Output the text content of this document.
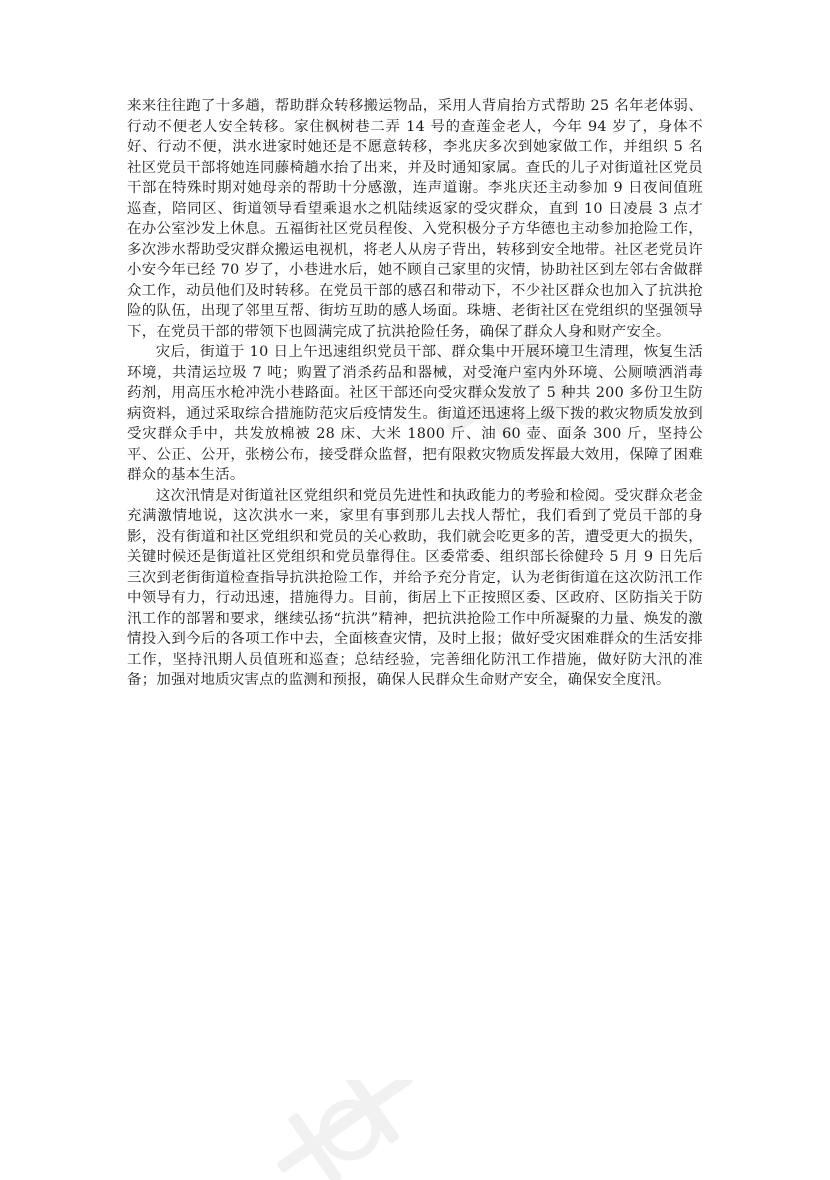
来来往往跑了十多趟，帮助群众转移搬运物品，采用人背肩抬方式帮助 25 名年老体弱、行动不便老人安全转移。家住枫树巷二弄 14 号的查莲金老人，今年 94 岁了，身体不好、行动不便，洪水进家时她还是不愿意转移，李兆庆多次到她家做工作，并组织 5 名社区党员干部将她连同藤椅趟水抬了出来，并及时通知家属。查氏的儿子对街道社区党员干部在特殊时期对她母亲的帮助十分感激，连声道谢。李兆庆还主动参加 9 日夜间值班巡查，陪同区、街道领导看望乘退水之机陆续返家的受灾群众，直到 10 日凌晨 3 点才在办公室沙发上休息。五福街社区党员程俊、入党积极分子方华德也主动参加抢险工作，多次涉水帮助受灾群众搬运电视机，将老人从房子背出，转移到安全地带。社区老党员许小安今年已经 70 岁了，小巷进水后，她不顾自己家里的灾情，协助社区到左邻右舍做群众工作，动员他们及时转移。在党员干部的感召和带动下，不少社区群众也加入了抗洪抢险的队伍，出现了邻里互帮、街坊互助的感人场面。珠塘、老街社区在党组织的坚强领导下，在党员干部的带领下也圆满完成了抗洪抢险任务，确保了群众人身和财产安全。

灾后，街道于 10 日上午迅速组织党员干部、群众集中开展环境卫生清理，恢复生活环境，共清运垃圾 7 吨；购置了消杀药品和器械，对受淹户室内外环境、公厕喷洒消毒药剂，用高压水枪冲洗小巷路面。社区干部还向受灾群众发放了 5 种共 200 多份卫生防病资料，通过采取综合措施防范灾后疫情发生。街道还迅速将上级下拨的救灾物质发放到受灾群众手中，共发放棉被 28 床、大米 1800 斤、油 60 壶、面条 300 斤，坚持公平、公正、公开，张榜公布，接受群众监督，把有限救灾物质发挥最大效用，保障了困难群众的基本生活。

这次汛情是对街道社区党组织和党员先进性和执政能力的考验和检阅。受灾群众老金充满激情地说，这次洪水一来，家里有事到那儿去找人帮忙，我们看到了党员干部的身影，没有街道和社区党组织和党员的关心救助，我们就会吃更多的苦，遭受更大的损失，关键时候还是街道社区党组织和党员靠得住。区委常委、组织部长徐健玲 5 月 9 日先后三次到老街街道检查指导抗洪抢险工作，并给予充分肯定，认为老街街道在这次防汛工作中领导有力，行动迅速，措施得力。目前，街居上下正按照区委、区政府、区防指关于防汛工作的部署和要求，继续弘扬“抗洪”精神，把抗洪抢险工作中所凝聚的力量、焕发的激情投入到今后的各项工作中去，全面核查灾情，及时上报；做好受灾困难群众的生活安排工作，坚持汛期人员值班和巡查；总结经验，完善细化防汛工作措施，做好防大汛的准备；加强对地质灾害点的监测和预报，确保人民群众生命财产安全，确保安全度汛。
